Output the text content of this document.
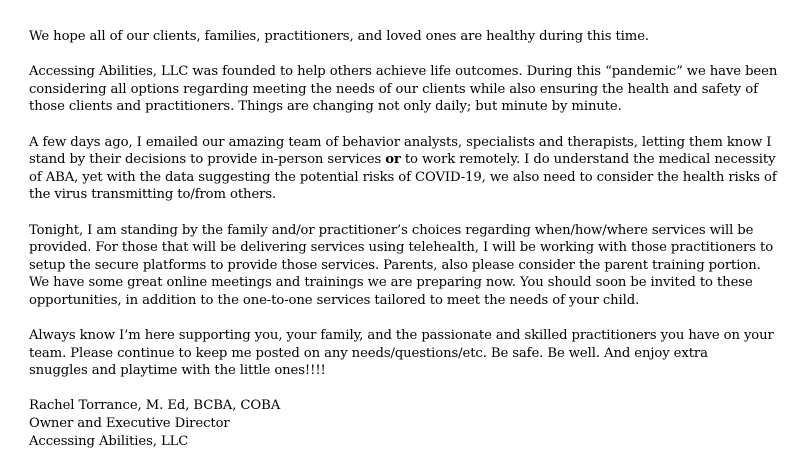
We hope all of our clients, families, practitioners, and loved ones are healthy during this time.

Accessing Abilities, LLC was founded to help others achieve life outcomes. During this “pandemic” we have been
considering all options regarding meeting the needs of our clients while also ensuring the health and safety of
those clients and practitioners. Things are changing not only daily; but minute by minute.

A few days ago, I emailed our amazing team of behavior analysts, specialists and therapists, letting them know I
stand by their decisions to provide in-person services or to work remotely. I do understand the medical necessity
of ABA, yet with the data suggesting the potential risks of COVID-19, we also need to consider the health risks of
the virus transmitting to/from others.

Tonight, I am standing by the family and/or practitioner’s choices regarding when/how/where services will be
provided. For those that will be delivering services using telehealth, I will be working with those practitioners to
setup the secure platforms to provide those services. Parents, also please consider the parent training portion.
We have some great online meetings and trainings we are preparing now. You should soon be invited to these
opportunities, in addition to the one-to-one services tailored to meet the needs of your child.

Always know I’m here supporting you, your family, and the passionate and skilled practitioners you have on your
team. Please continue to keep me posted on any needs/questions/etc. Be safe. Be well. And enjoy extra
snuggles and playtime with the little ones!!!!

Rachel Torrance, M. Ed, BCBA, COBA
Owner and Executive Director
Accessing Abilities, LLC
